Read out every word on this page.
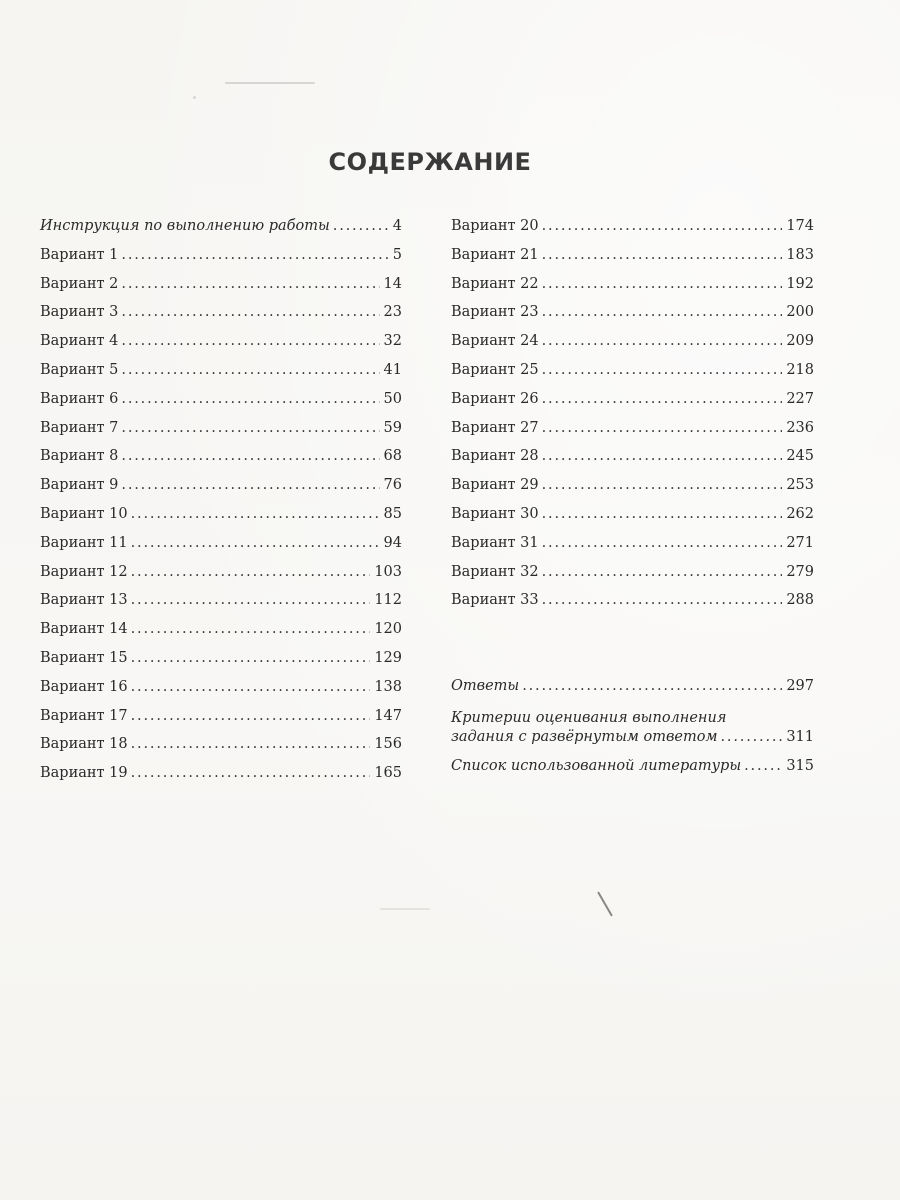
СОДЕРЖАНИЕ
Инструкция по выполнению работы . . .	4
Вариант 1 . . .	5
Вариант 2 . . .	14
Вариант 3 . . .	23
Вариант 4 . . .	32
Вариант 5 . . .	41
Вариант 6 . . .	50
Вариант 7 . . .	59
Вариант 8 . . .	68
Вариант 9 . . .	76
Вариант 10 . . .	85
Вариант 11 . . .	94
Вариант 12 . . .	103
Вариант 13 . . .	112
Вариант 14 . . .	120
Вариант 15 . . .	129
Вариант 16 . . .	138
Вариант 17 . . .	147
Вариант 18 . . .	156
Вариант 19 . . .	165
Вариант 20 . . .	174
Вариант 21 . . .	183
Вариант 22 . . .	192
Вариант 23 . . .	200
Вариант 24 . . .	209
Вариант 25 . . .	218
Вариант 26 . . .	227
Вариант 27 . . .	236
Вариант 28 . . .	245
Вариант 29 . . .	253
Вариант 30 . . .	262
Вариант 31 . . .	271
Вариант 32 . . .	279
Вариант 33 . . .	288
Ответы . . .	297
Критерии оценивания выполнения
задания с развёрнутым ответом . . .	311
Список использованной литературы . . .	315
